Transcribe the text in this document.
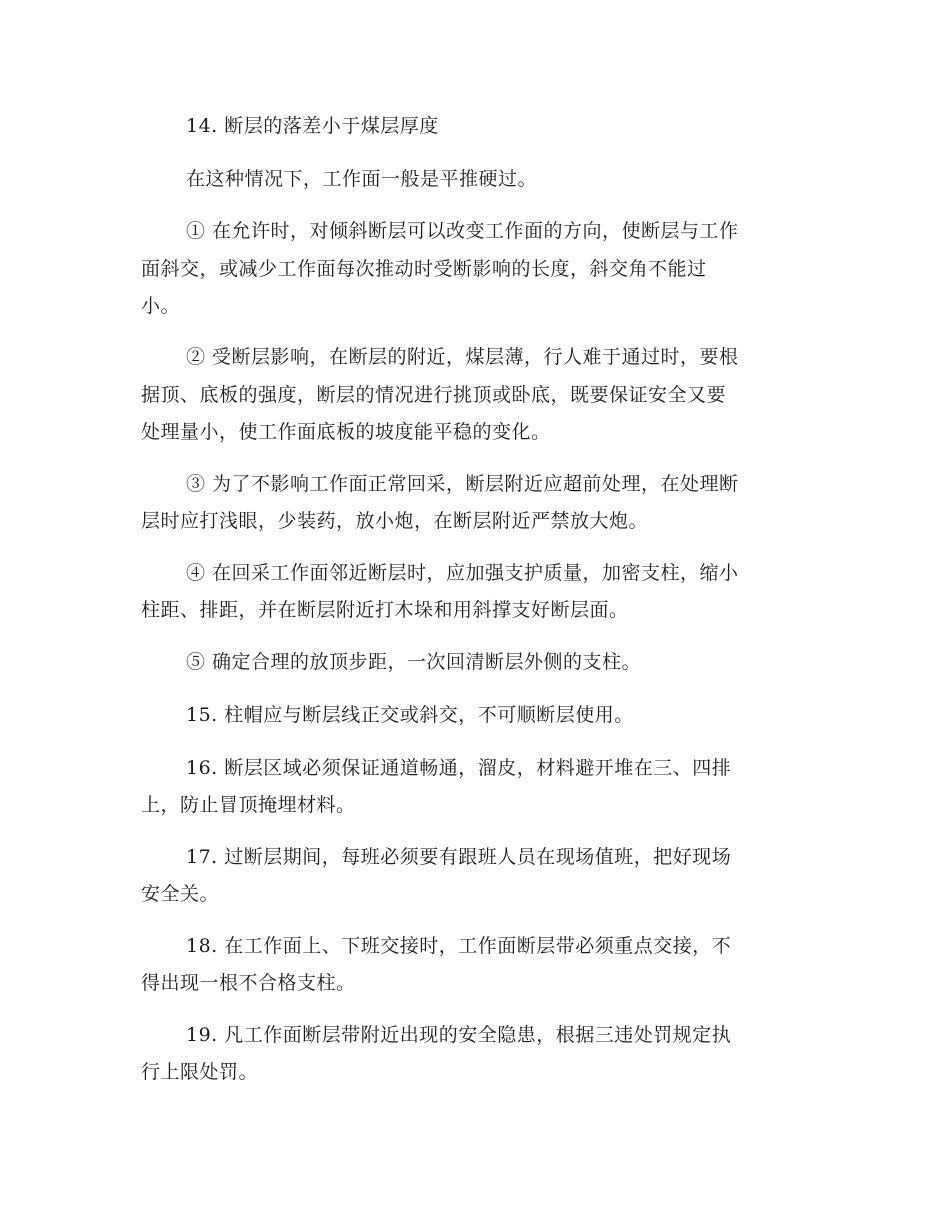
14. 断层的落差小于煤层厚度
在这种情况下，工作面一般是平推硬过。
① 在允许时，对倾斜断层可以改变工作面的方向，使断层与工作
面斜交，或减少工作面每次推动时受断影响的长度，斜交角不能过
小。
② 受断层影响，在断层的附近，煤层薄，行人难于通过时，要根
据顶、底板的强度，断层的情况进行挑顶或卧底，既要保证安全又要
处理量小，使工作面底板的坡度能平稳的变化。
③ 为了不影响工作面正常回采，断层附近应超前处理，在处理断
层时应打浅眼，少装药，放小炮，在断层附近严禁放大炮。
④ 在回采工作面邻近断层时，应加强支护质量，加密支柱，缩小
柱距、排距，并在断层附近打木垛和用斜撑支好断层面。
⑤ 确定合理的放顶步距，一次回清断层外侧的支柱。
15. 柱帽应与断层线正交或斜交，不可顺断层使用。
16. 断层区域必须保证通道畅通，溜皮，材料避开堆在三、四排
上，防止冒顶掩埋材料。
17. 过断层期间，每班必须要有跟班人员在现场值班，把好现场
安全关。
18. 在工作面上、下班交接时，工作面断层带必须重点交接，不
得出现一根不合格支柱。
19. 凡工作面断层带附近出现的安全隐患，根据三违处罚规定执
行上限处罚。
